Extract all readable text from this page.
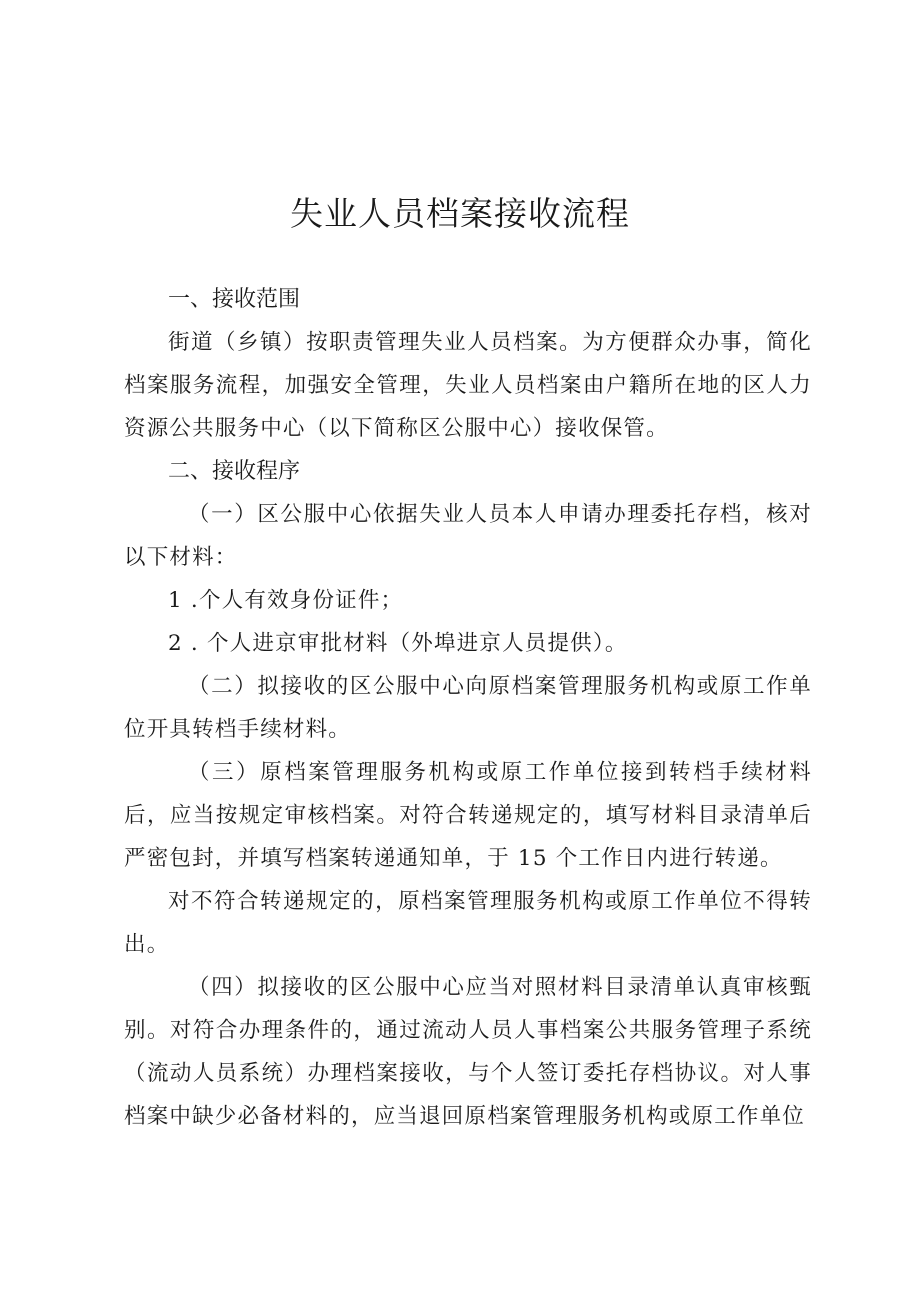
失业人员档案接收流程
一、接收范围

街道（乡镇）按职责管理失业人员档案。为方便群众办事，简化档案服务流程，加强安全管理，失业人员档案由户籍所在地的区人力资源公共服务中心（以下简称区公服中心）接收保管。

二、接收程序

（一）区公服中心依据失业人员本人申请办理委托存档，核对以下材料：

1 .个人有效身份证件；

2 . 个人进京审批材料（外埠进京人员提供）。

（二）拟接收的区公服中心向原档案管理服务机构或原工作单位开具转档手续材料。

（三）原档案管理服务机构或原工作单位接到转档手续材料后，应当按规定审核档案。对符合转递规定的，填写材料目录清单后严密包封，并填写档案转递通知单，于 15 个工作日内进行转递。

对不符合转递规定的，原档案管理服务机构或原工作单位不得转出。

（四）拟接收的区公服中心应当对照材料目录清单认真审核甄别。对符合办理条件的，通过流动人员人事档案公共服务管理子系统（流动人员系统）办理档案接收，与个人签订委托存档协议。对人事档案中缺少必备材料的，应当退回原档案管理服务机构或原工作单位
